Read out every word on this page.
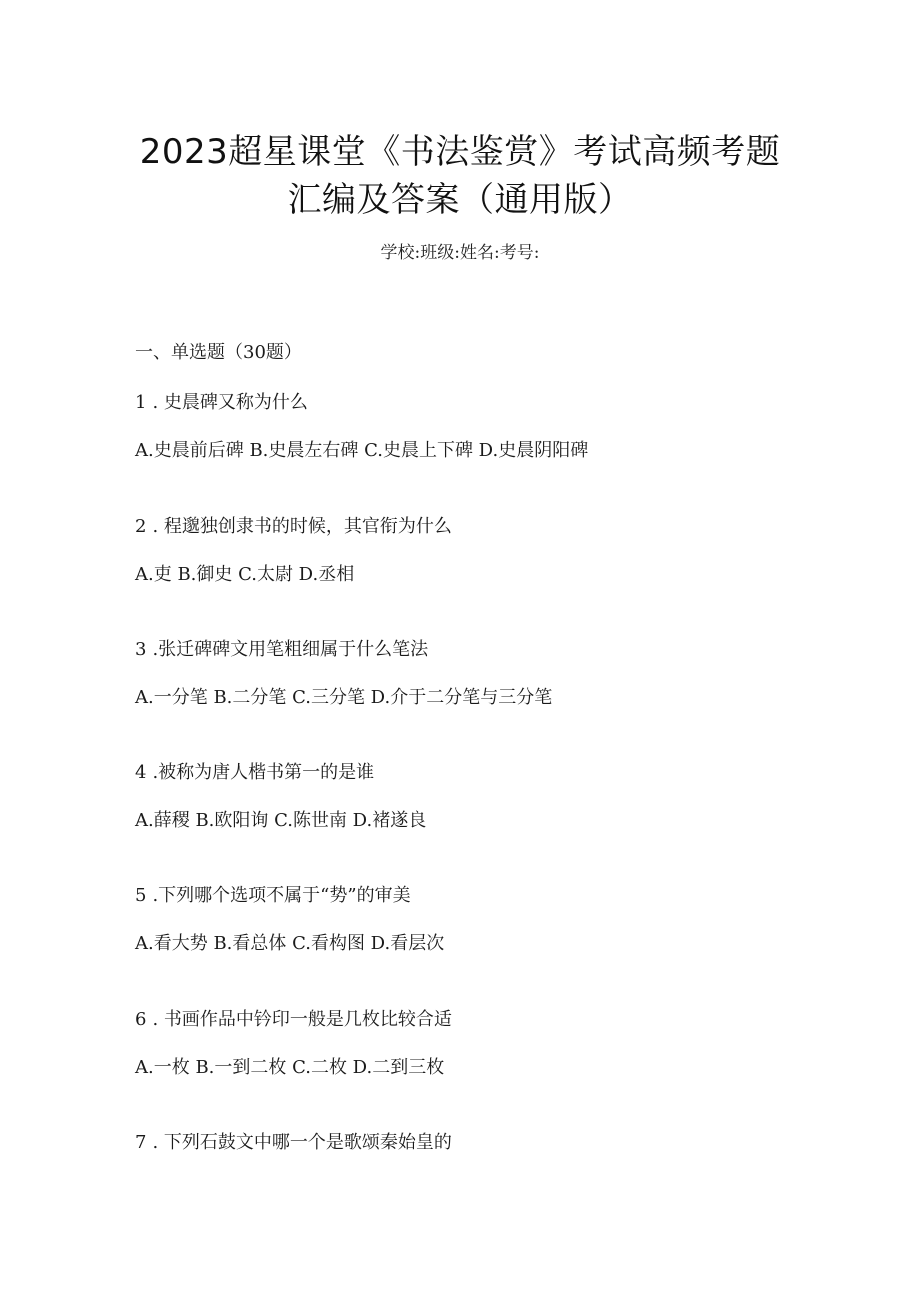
2023超星课堂《书法鉴赏》考试高频考题
汇编及答案（通用版）
学校:班级:姓名:考号:
一、单选题（30题）
1 . 史晨碑又称为什么
A.史晨前后碑 B.史晨左右碑 C.史晨上下碑 D.史晨阴阳碑
2 . 程邈独创隶书的时候，其官衔为什么
A.吏 B.御史 C.太尉 D.丞相
3 .张迁碑碑文用笔粗细属于什么笔法
A.一分笔 B.二分笔 C.三分笔 D.介于二分笔与三分笔
4 .被称为唐人楷书第一的是谁
A.薛稷 B.欧阳询 C.陈世南 D.褚遂良
5 .下列哪个选项不属于“势”的审美
A.看大势 B.看总体 C.看构图 D.看层次
6 . 书画作品中钤印一般是几枚比较合适
A.一枚 B.一到二枚 C.二枚 D.二到三枚
7 . 下列石鼓文中哪一个是歌颂秦始皇的
